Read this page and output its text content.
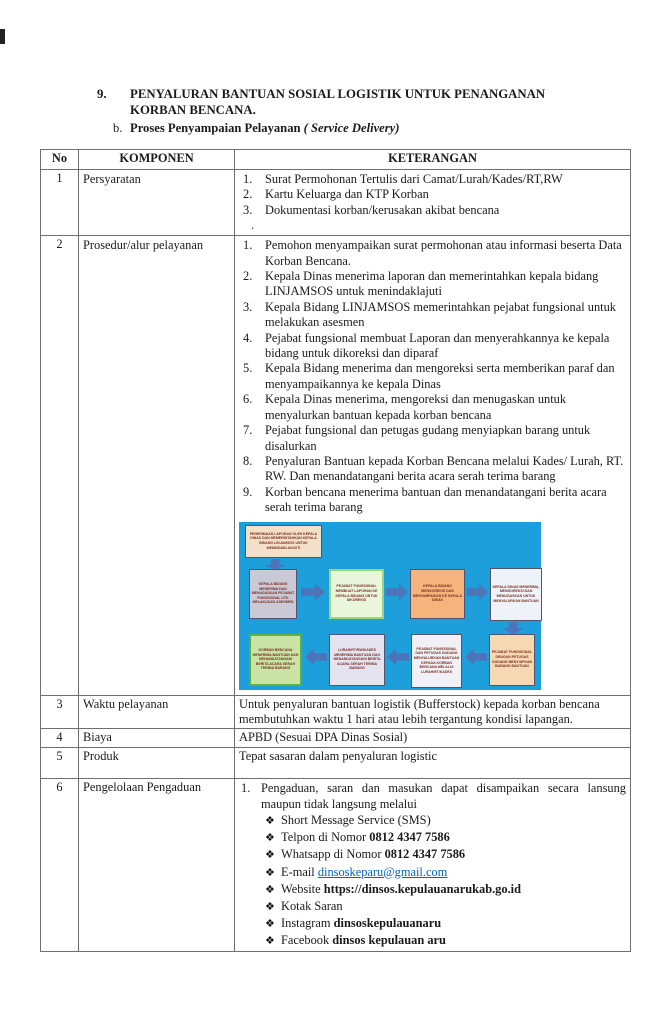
9.	PENYALURAN BANTUAN SOSIAL LOGISTIK UNTUK PENANGANAN KORBAN BENCANA.
b. Proses Penyampaian Pelayanan ( Service Delivery)
No	KOMPONEN	KETERANGAN
1	Persyaratan	Surat Permohonan Tertulis dari Camat/Lurah/Kades/RT,RW
Kartu Keluarga dan KTP Korban
Dokumentasi korban/kerusakan akibat bencana
.

2	Prosedur/alur pelayanan	Pemohon menyampaikan surat permohonan atau informasi beserta Data Korban Bencana.
Kepala Dinas menerima laporan dan memerintahkan kepala bidang LINJAMSOS untuk menindaklajuti
Kepala Bidang LINJAMSOS memerintahkan pejabat fungsional untuk melakukan asesmen
Pejabat fungsional membuat Laporan dan menyerahkannya ke kepala bidang untuk dikoreksi dan diparaf
Kepala Bidang menerima dan mengoreksi serta memberikan paraf dan menyampaikannya ke kepala Dinas
Kepala Dinas menerima, mengoreksi dan menugaskan untuk menyalurkan bantuan kepada korban bencana
Pejabat fungsional dan petugas gudang menyiapkan barang untuk disalurkan
Penyaluran Bantuan kepada Korban Bencana melalui Kades/ Lurah, RT. RW. Dan menandatangani berita acara serah terima barang
Korban bencana menerima bantuan dan menandatangani berita acara serah terima barang
PENERIMAAN LAPORAN OLEH KEPALA DINAS DAN MEMERINTAHKAN KEPALA BIDANG LINJAMSOS UNTUK MENINDAKLANJUTI
KEPALA BIDANG MENERIMA DAN MENUGASKAN PEJABAT FUNGSIONAL UTK MELAKUKAN ASESMEN
PEJABAT FUNGSIONAL MEMBUAT LAPORAN KE KEPALA BIDANG UNTUK DIKOREKSI
KEPALA BIDANG MENGOREKSI DAN MENYAMPAIKAN KE KEPALA DINAS
KEPALA DINAS MENERIMA, MENGOREKSI DAN MENUGASKAN UNTUK MENYALURKAN BANTUAN
KORBAN BENCANA MENERIMA BANTUAN DAN MENANDATANGANI BERITA ACARA SERAH TERIMA BARANG
LURAH/RT/RW/KADES MENERIMA BANTUAN DAN MENANDATANGANI BERITA ACARA SERAH TERIMA BARANG
PEJABAT FUNGSIONAL DAN PETUGAS GUDANG MENYALURKAN BANTUAN KEPADA KORBAN BENCANA MELALUI LURAH/RT/KADES
PEJABAT FUNGSIONAL DENGAN PETUGAS GUDANG MENYIAPKAN BARANG BANTUAN

3	Waktu pelayanan	Untuk penyaluran bantuan logistik (Bufferstock) kepada korban bencana membutuhkan waktu 1 hari atau lebih tergantung kondisi lapangan.
4	Biaya	APBD (Sesuai DPA Dinas Sosial)
5	Produk	Tepat sasaran dalam penyaluran logistic
6	Pengelolaan Pengaduan	1. Pengaduan, saran dan masukan dapat disampaikan secara lansung maupun tidak langsung melalui
❖ Short Message Service (SMS)
❖ Telpon di Nomor 0812 4347 7586
❖ Whatsapp di Nomor 0812 4347 7586
❖ E-mail dinsoskeparu@gmail.com
❖ Website https://dinsos.kepulauanarukab.go.id
❖ Kotak Saran
❖ Instagram dinsoskepulauanaru
❖ Facebook dinsos kepulauan aru
